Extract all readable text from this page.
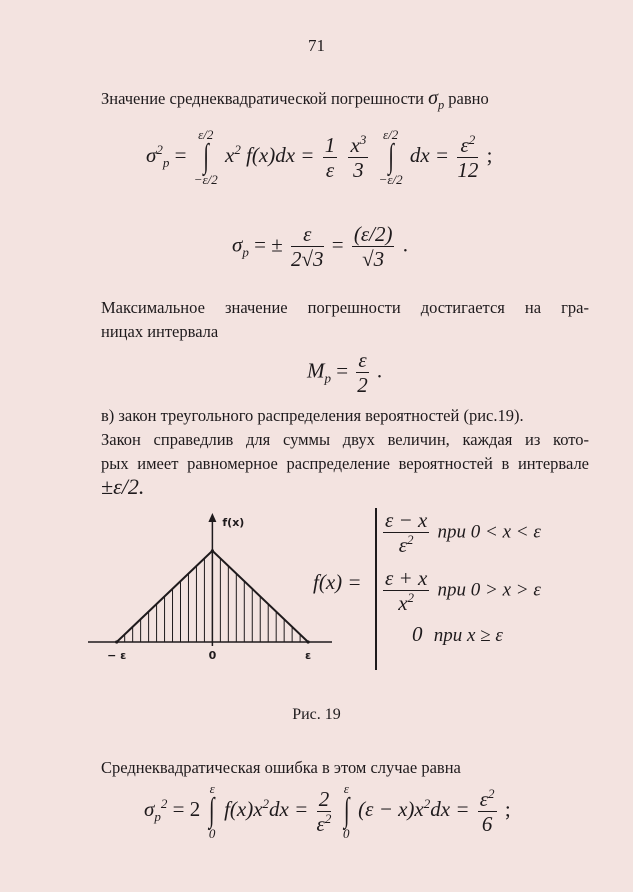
71
Значение среднеквадратической погрешности $\sigma_p$ равно
$\sigma^2_p$ =
ε/2
∫
−ε/2
$x^2$ $f(x)dx = \frac{1}{\varepsilon}$
$\frac{x^3}{3}$
	ε/2
∫
−ε/2
dx = $\frac{\varepsilon^2}{12}$ ;
$\sigma_p$ = ± $\frac{\varepsilon}{2√3} = \frac{(\varepsilon/2)}{√3}$ .
Максимальное значение погрешности достигается на гра-
ницах интервала
$M_p = \frac{\varepsilon}{2}$ .
в) закон треугольного распределения вероятностей (рис.19).
Закон справедлив для суммы двух величин, каждая из кото-
рых имеет равномерное распределение вероятностей в интервале
±ε/2.
f(x)
− ε	0	ε
f(x) =
$\frac{\varepsilon - x}{\varepsilon^2}$ при 0 < x < ε
$\frac{\varepsilon + x}{x^2}$ при 0 > x > ε
0 при x ≥ ε
Рис. 19
Среднеквадратическая ошибка в этом случае равна
$\sigma_p^2 = 2$
ε
∫
0
$f(x)x^2dx = \frac{2}{\varepsilon^2}$
ε
∫
0
$(\varepsilon - x)x^2dx = \frac{\varepsilon^2}{6}$ ;
